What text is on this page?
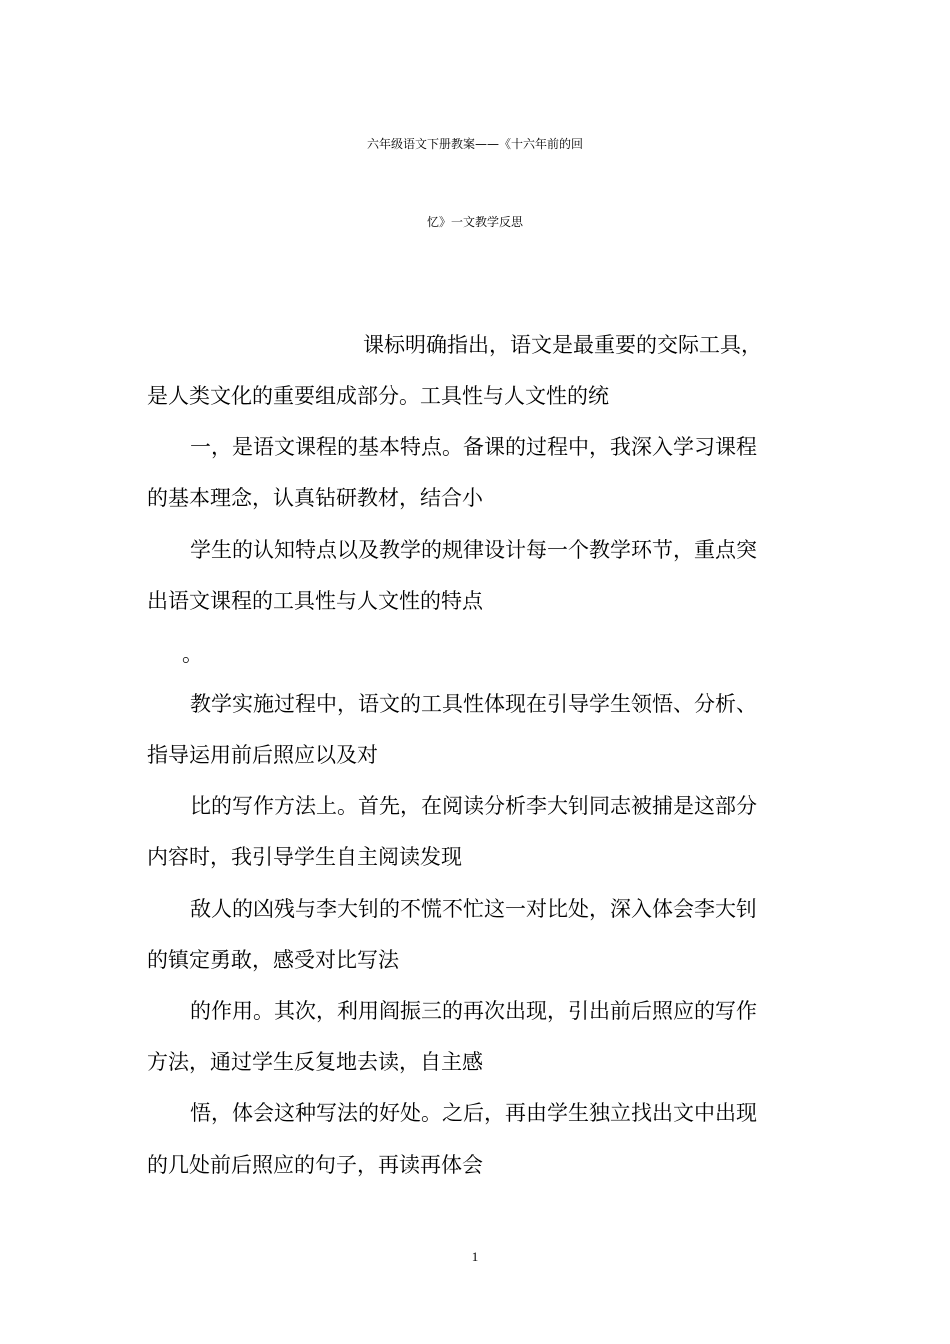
六年级语文下册教案——《十六年前的回
忆》一文教学反思
课标明确指出，语文是最重要的交际工具，
是人类文化的重要组成部分。工具性与人文性的统
一，是语文课程的基本特点。备课的过程中，我深入学习课程
的基本理念，认真钻研教材，结合小
学生的认知特点以及教学的规律设计每一个教学环节，重点突
出语文课程的工具性与人文性的特点
。
教学实施过程中，语文的工具性体现在引导学生领悟、分析、
指导运用前后照应以及对
比的写作方法上。首先，在阅读分析李大钊同志被捕是这部分
内容时，我引导学生自主阅读发现
敌人的凶残与李大钊的不慌不忙这一对比处，深入体会李大钊
的镇定勇敢，感受对比写法
的作用。其次，利用阎振三的再次出现，引出前后照应的写作
方法，通过学生反复地去读，自主感
悟，体会这种写法的好处。之后，再由学生独立找出文中出现
的几处前后照应的句子，再读再体会
1
